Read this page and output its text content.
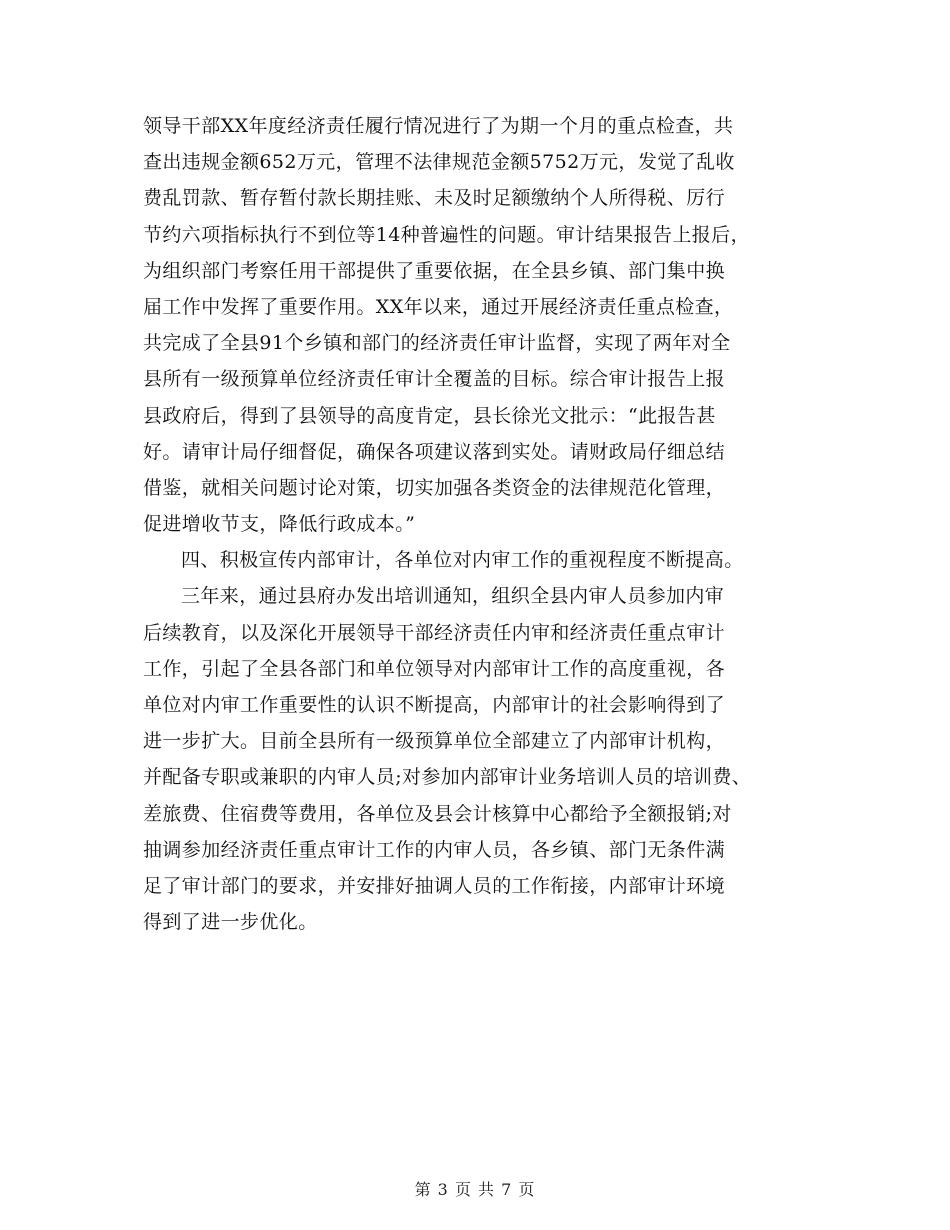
领导干部XX年度经济责任履行情况进行了为期一个月的重点检查，共
查出违规金额652万元，管理不法律规范金额5752万元，发觉了乱收
费乱罚款、暂存暂付款长期挂账、未及时足额缴纳个人所得税、厉行
节约六项指标执行不到位等14种普遍性的问题。审计结果报告上报后，
为组织部门考察任用干部提供了重要依据，在全县乡镇、部门集中换
届工作中发挥了重要作用。XX年以来，通过开展经济责任重点检查，
共完成了全县91个乡镇和部门的经济责任审计监督，实现了两年对全
县所有一级预算单位经济责任审计全覆盖的目标。综合审计报告上报
县政府后，得到了县领导的高度肯定，县长徐光文批示：“此报告甚
好。请审计局仔细督促，确保各项建议落到实处。请财政局仔细总结
借鉴，就相关问题讨论对策，切实加强各类资金的法律规范化管理，
促进增收节支，降低行政成本。”
四、积极宣传内部审计，各单位对内审工作的重视程度不断提高。
三年来，通过县府办发出培训通知，组织全县内审人员参加内审
后续教育，以及深化开展领导干部经济责任内审和经济责任重点审计
工作，引起了全县各部门和单位领导对内部审计工作的高度重视，各
单位对内审工作重要性的认识不断提高，内部审计的社会影响得到了
进一步扩大。目前全县所有一级预算单位全部建立了内部审计机构，
并配备专职或兼职的内审人员;对参加内部审计业务培训人员的培训费、
差旅费、住宿费等费用，各单位及县会计核算中心都给予全额报销;对
抽调参加经济责任重点审计工作的内审人员，各乡镇、部门无条件满
足了审计部门的要求，并安排好抽调人员的工作衔接，内部审计环境
得到了进一步优化。
第 3 页 共 7 页
